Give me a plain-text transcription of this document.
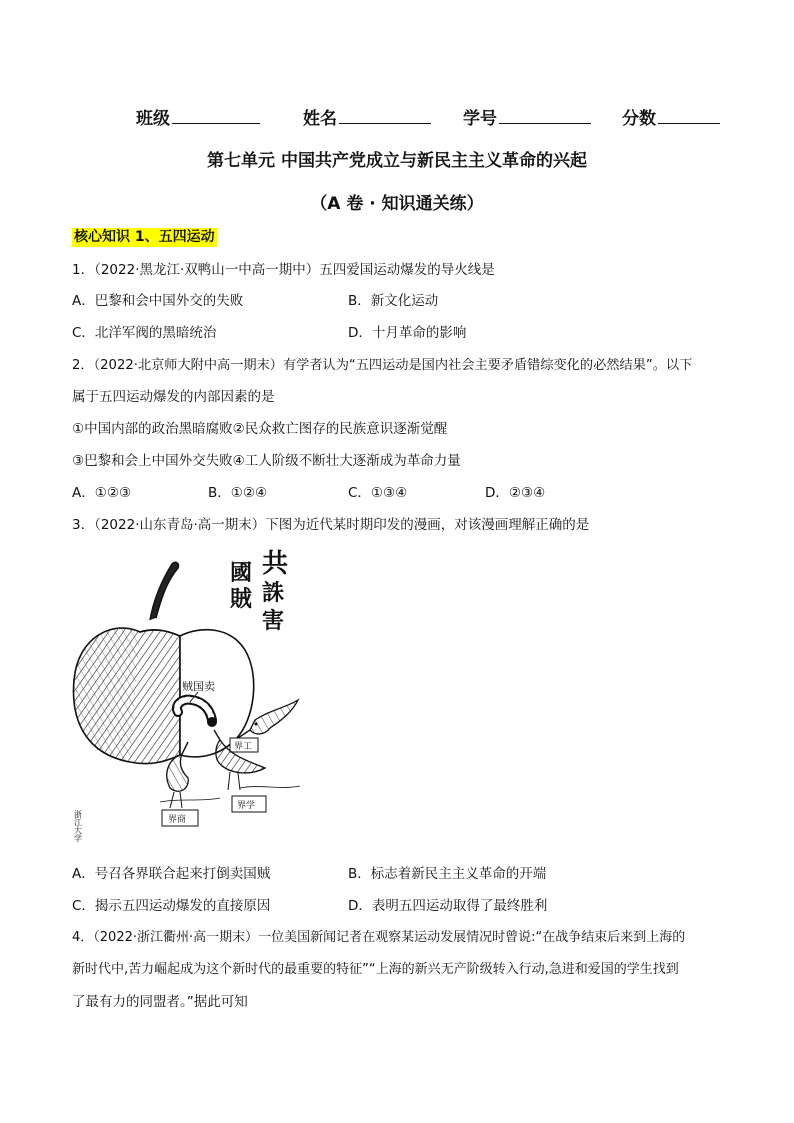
班级	姓名	学号	分数
第七单元 中国共产党成立与新民主主义革命的兴起
（A 卷 · 知识通关练）
核心知识 1、五四运动
1．（2022·黑龙江·双鸭山一中高一期中）五四爱国运动爆发的导火线是
A．巴黎和会中国外交的失败	B．新文化运动
C．北洋军阀的黑暗统治	D．十月革命的影响
2．（2022·北京师大附中高一期末）有学者认为“五四运动是国内社会主要矛盾错综变化的必然结果”。以下
属于五四运动爆发的内部因素的是
①中国内部的政治黑暗腐败②民众救亡图存的民族意识逐渐觉醒
③巴黎和会上中国外交失败④工人阶级不断壮大逐渐成为革命力量
A．①②③	B．①②④	C．①③④	D．②③④
3．（2022·山东青岛·高一期末）下图为近代某时期印发的漫画，对该漫画理解正确的是
贼国卖
共
誅
國
賊
害
界工
界学
界商
浙江大学
A．号召各界联合起来打倒卖国贼	B．标志着新民主主义革命的开端
C．揭示五四运动爆发的直接原因	D．表明五四运动取得了最终胜利
4．（2022·浙江衢州·高一期末）一位美国新闻记者在观察某运动发展情况时曾说:“在战争结束后来到上海的
新时代中,苦力崛起成为这个新时代的最重要的特征”“上海的新兴无产阶级转入行动,急进和爱国的学生找到
了最有力的同盟者。”据此可知
